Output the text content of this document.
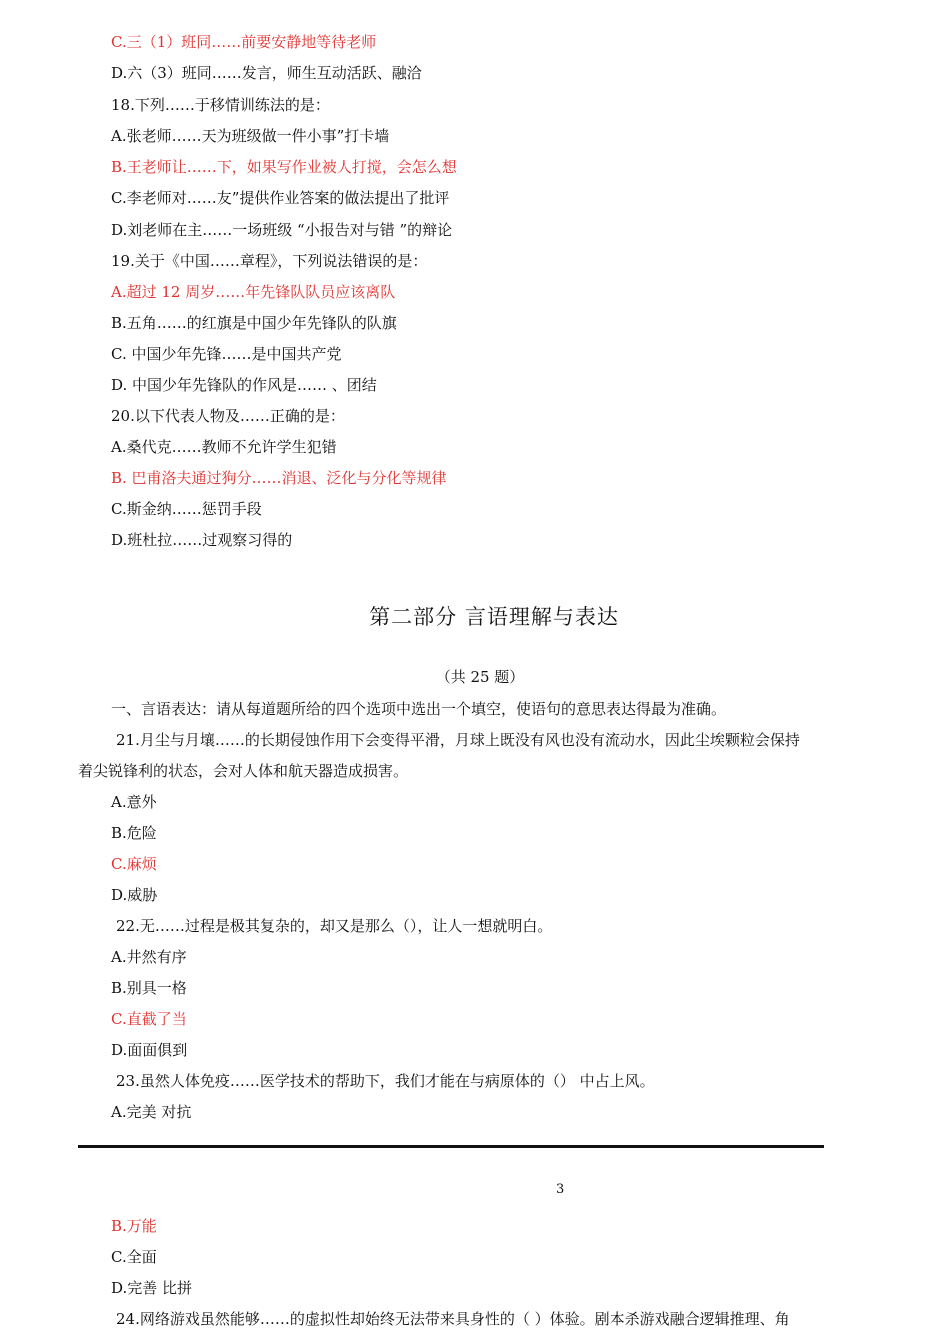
C.三（1）班同……前要安静地等待老师
D.六（3）班同……发言，师生互动活跃、融洽
18.下列……于移情训练法的是：
A.张老师……天为班级做一件小事”打卡墙
B.王老师让……下，如果写作业被人打搅，会怎么想
C.李老师对……友”提供作业答案的做法提出了批评
D.刘老师在主……一场班级 “小报告对与错 ”的辩论
19.关于《中国……章程》，下列说法错误的是：
A.超过 12 周岁……年先锋队队员应该离队
B.五角……的红旗是中国少年先锋队的队旗
C. 中国少年先锋……是中国共产党
D. 中国少年先锋队的作风是…… 、团结
20.以下代表人物及……正确的是：
A.桑代克……教师不允许学生犯错
B. 巴甫洛夫通过狗分……消退、泛化与分化等规律
C.斯金纳……惩罚手段
D.班杜拉……过观察习得的
第二部分 言语理解与表达
（共 25 题）
一、言语表达：请从每道题所给的四个选项中选出一个填空，使语句的意思表达得最为准确。
21.月尘与月壤……的长期侵蚀作用下会变得平滑，月球上既没有风也没有流动水，因此尘埃颗粒会保持
着尖锐锋利的状态，会对人体和航天器造成损害。
A.意外
B.危险
C.麻烦
D.威胁
22.无……过程是极其复杂的，却又是那么（），让人一想就明白。
A.井然有序
B.别具一格
C.直截了当
D.面面俱到
23.虽然人体免疫……医学技术的帮助下，我们才能在与病原体的（） 中占上风。
A.完美 对抗
3
B.万能
C.全面
D.完善 比拼
24.网络游戏虽然能够……的虚拟性却始终无法带来具身性的（ ）体验。剧本杀游戏融合逻辑推理、角
